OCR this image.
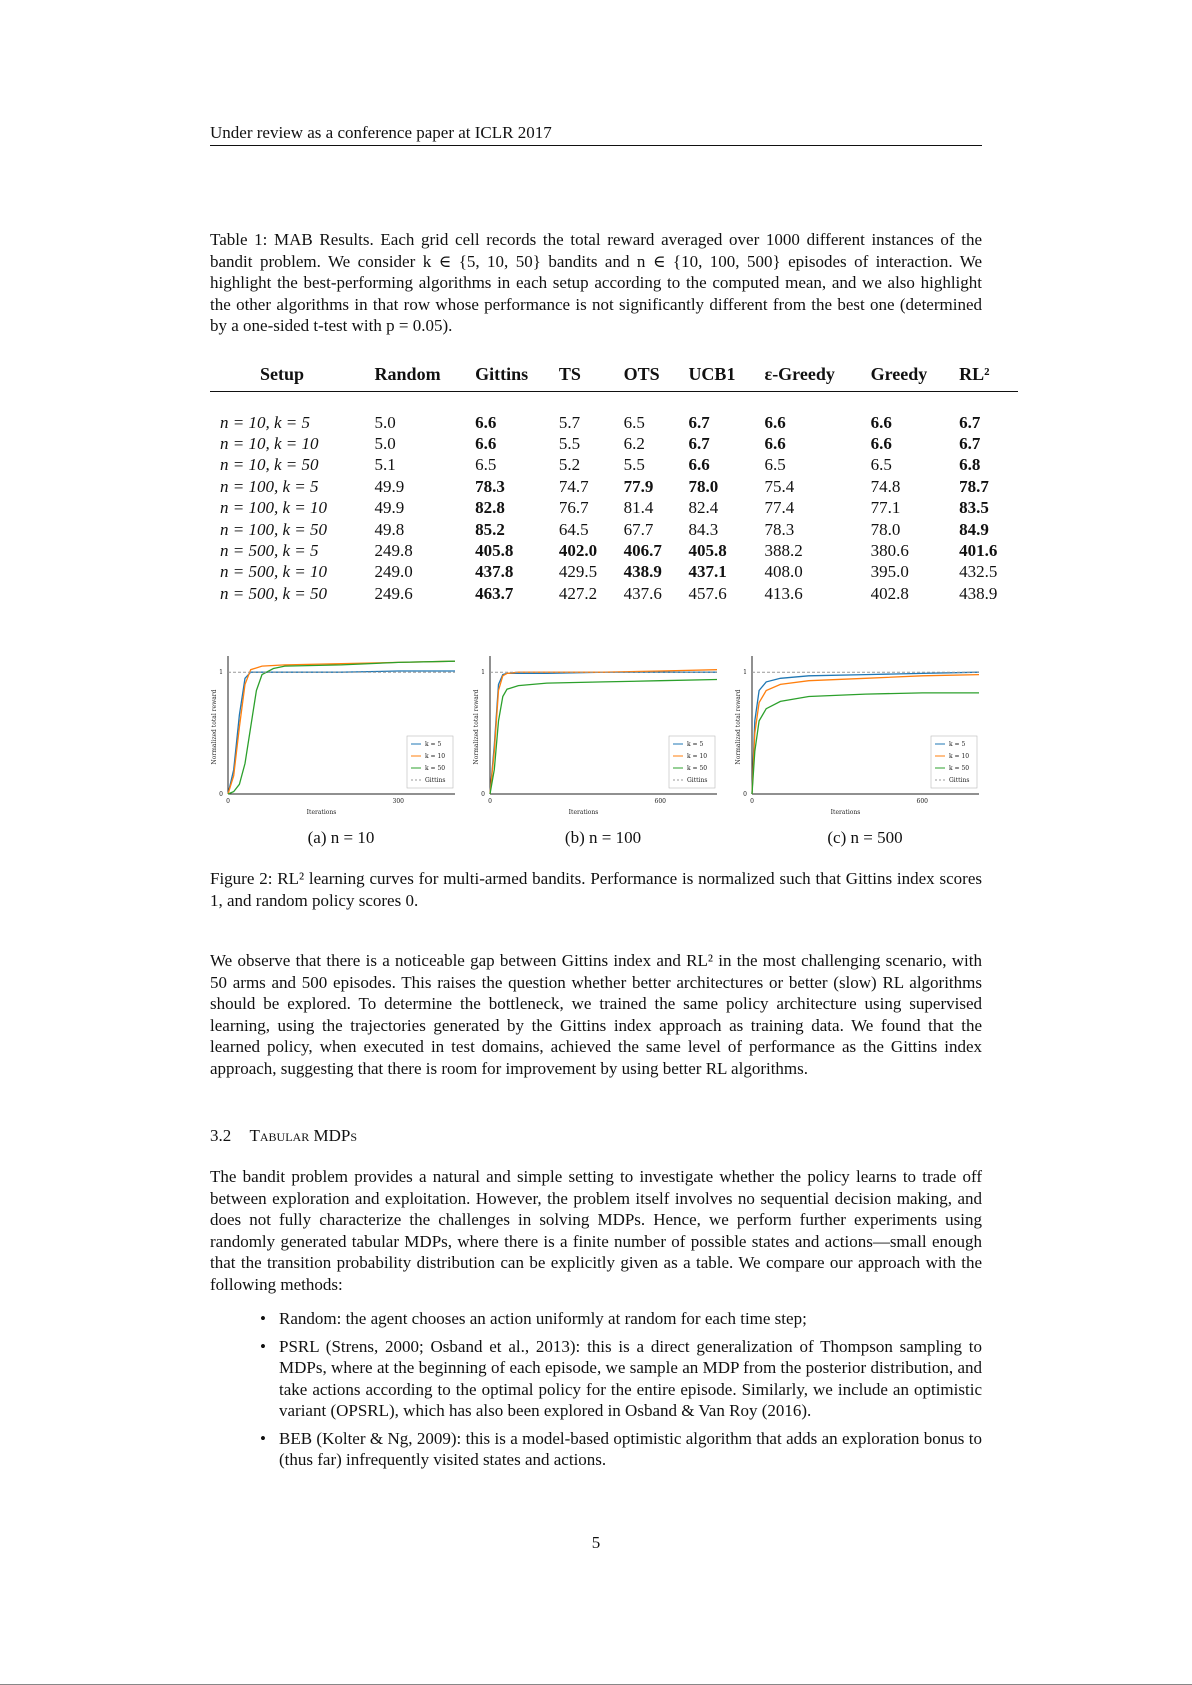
Under review as a conference paper at ICLR 2017
Table 1: MAB Results. Each grid cell records the total reward averaged over 1000 different instances of the bandit problem. We consider k ∈ {5, 10, 50} bandits and n ∈ {10, 100, 500} episodes of interaction. We highlight the best-performing algorithms in each setup according to the computed mean, and we also highlight the other algorithms in that row whose performance is not significantly different from the best one (determined by a one-sided t-test with p = 0.05).
Setup	Random	Gittins	TS	OTS	UCB1	ε-Greedy	Greedy	RL²
n = 10, k = 5	5.0	6.6	5.7	6.5	6.7	6.6	6.6	6.7
n = 10, k = 10	5.0	6.6	5.5	6.2	6.7	6.6	6.6	6.7
n = 10, k = 50	5.1	6.5	5.2	5.5	6.6	6.5	6.5	6.8
n = 100, k = 5	49.9	78.3	74.7	77.9	78.0	75.4	74.8	78.7
n = 100, k = 10	49.9	82.8	76.7	81.4	82.4	77.4	77.1	83.5
n = 100, k = 50	49.8	85.2	64.5	67.7	84.3	78.3	78.0	84.9
n = 500, k = 5	249.8	405.8	402.0	406.7	405.8	388.2	380.6	401.6
n = 500, k = 10	249.0	437.8	429.5	438.9	437.1	408.0	395.0	432.5
n = 500, k = 50	249.6	463.7	427.2	437.6	457.6	413.6	402.8	438.9
Normalized total reward
Iterations
0
1
0	300
k = 5
k = 10
k = 50
Gittins
Normalized total reward
Iterations
0
1
0	600
k = 5
k = 10
k = 50
Gittins
Normalized total reward
Iterations
0
1
0	600
k = 5
k = 10
k = 50
Gittins
(a) n = 10	(b) n = 100	(c) n = 500
Figure 2: RL² learning curves for multi-armed bandits. Performance is normalized such that Gittins index scores 1, and random policy scores 0.
We observe that there is a noticeable gap between Gittins index and RL² in the most challenging scenario, with 50 arms and 500 episodes. This raises the question whether better architectures or better (slow) RL algorithms should be explored. To determine the bottleneck, we trained the same policy architecture using supervised learning, using the trajectories generated by the Gittins index approach as training data. We found that the learned policy, when executed in test domains, achieved the same level of performance as the Gittins index approach, suggesting that there is room for improvement by using better RL algorithms.
3.2 Tabular MDPs
The bandit problem provides a natural and simple setting to investigate whether the policy learns to trade off between exploration and exploitation. However, the problem itself involves no sequential decision making, and does not fully characterize the challenges in solving MDPs. Hence, we perform further experiments using randomly generated tabular MDPs, where there is a finite number of possible states and actions—small enough that the transition probability distribution can be explicitly given as a table. We compare our approach with the following methods:
• Random: the agent chooses an action uniformly at random for each time step;
• PSRL (Strens, 2000; Osband et al., 2013): this is a direct generalization of Thompson sampling to MDPs, where at the beginning of each episode, we sample an MDP from the posterior distribution, and take actions according to the optimal policy for the entire episode. Similarly, we include an optimistic variant (OPSRL), which has also been explored in Osband & Van Roy (2016).
• BEB (Kolter & Ng, 2009): this is a model-based optimistic algorithm that adds an exploration bonus to (thus far) infrequently visited states and actions.
5
